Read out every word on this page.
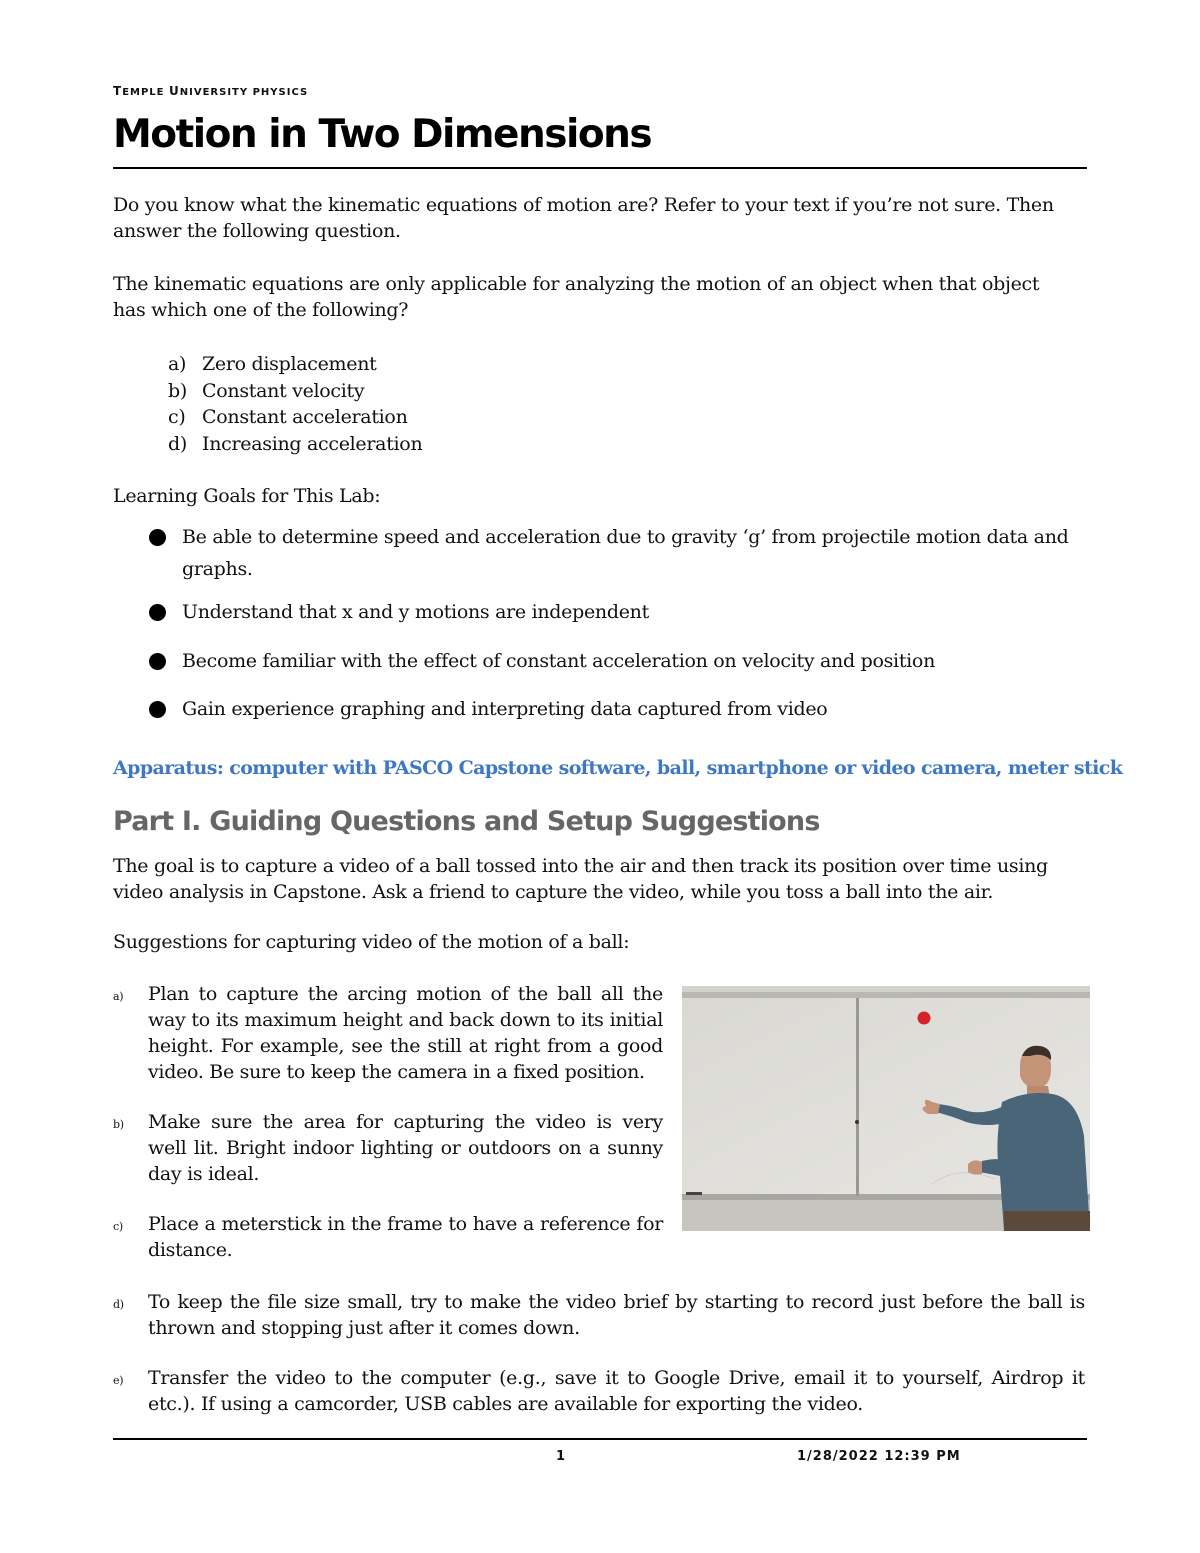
TEMPLE UNIVERSITY PHYSICS
Motion in Two Dimensions
Do you know what the kinematic equations of motion are? Refer to your text if you’re not sure. Then answer the following question.
The kinematic equations are only applicable for analyzing the motion of an object when that object has which one of the following?
a) Zero displacement
b) Constant velocity
c) Constant acceleration
d) Increasing acceleration
Learning Goals for This Lab:
Be able to determine speed and acceleration due to gravity ‘g’ from projectile motion data and graphs.
Understand that x and y motions are independent
Become familiar with the effect of constant acceleration on velocity and position
Gain experience graphing and interpreting data captured from video
Apparatus: computer with PASCO Capstone software, ball, smartphone or video camera, meter stick
Part I. Guiding Questions and Setup Suggestions
The goal is to capture a video of a ball tossed into the air and then track its position over time using video analysis in Capstone. Ask a friend to capture the video, while you toss a ball into the air.
Suggestions for capturing video of the motion of a ball:
a)	Plan to capture the arcing motion of the ball all the way to its maximum height and back down to its initial height. For example, see the still at right from a good video. Be sure to keep the camera in a fixed position.
b)	Make sure the area for capturing the video is very well lit. Bright indoor lighting or outdoors on a sunny day is ideal.
c)	Place a meterstick in the frame to have a reference for distance.
d)	To keep the file size small, try to make the video brief by starting to record just before the ball is thrown and stopping just after it comes down.
e)	Transfer the video to the computer (e.g., save it to Google Drive, email it to yourself, Airdrop it etc.). If using a camcorder, USB cables are available for exporting the video.
1	1/28/2022 12:39 PM
